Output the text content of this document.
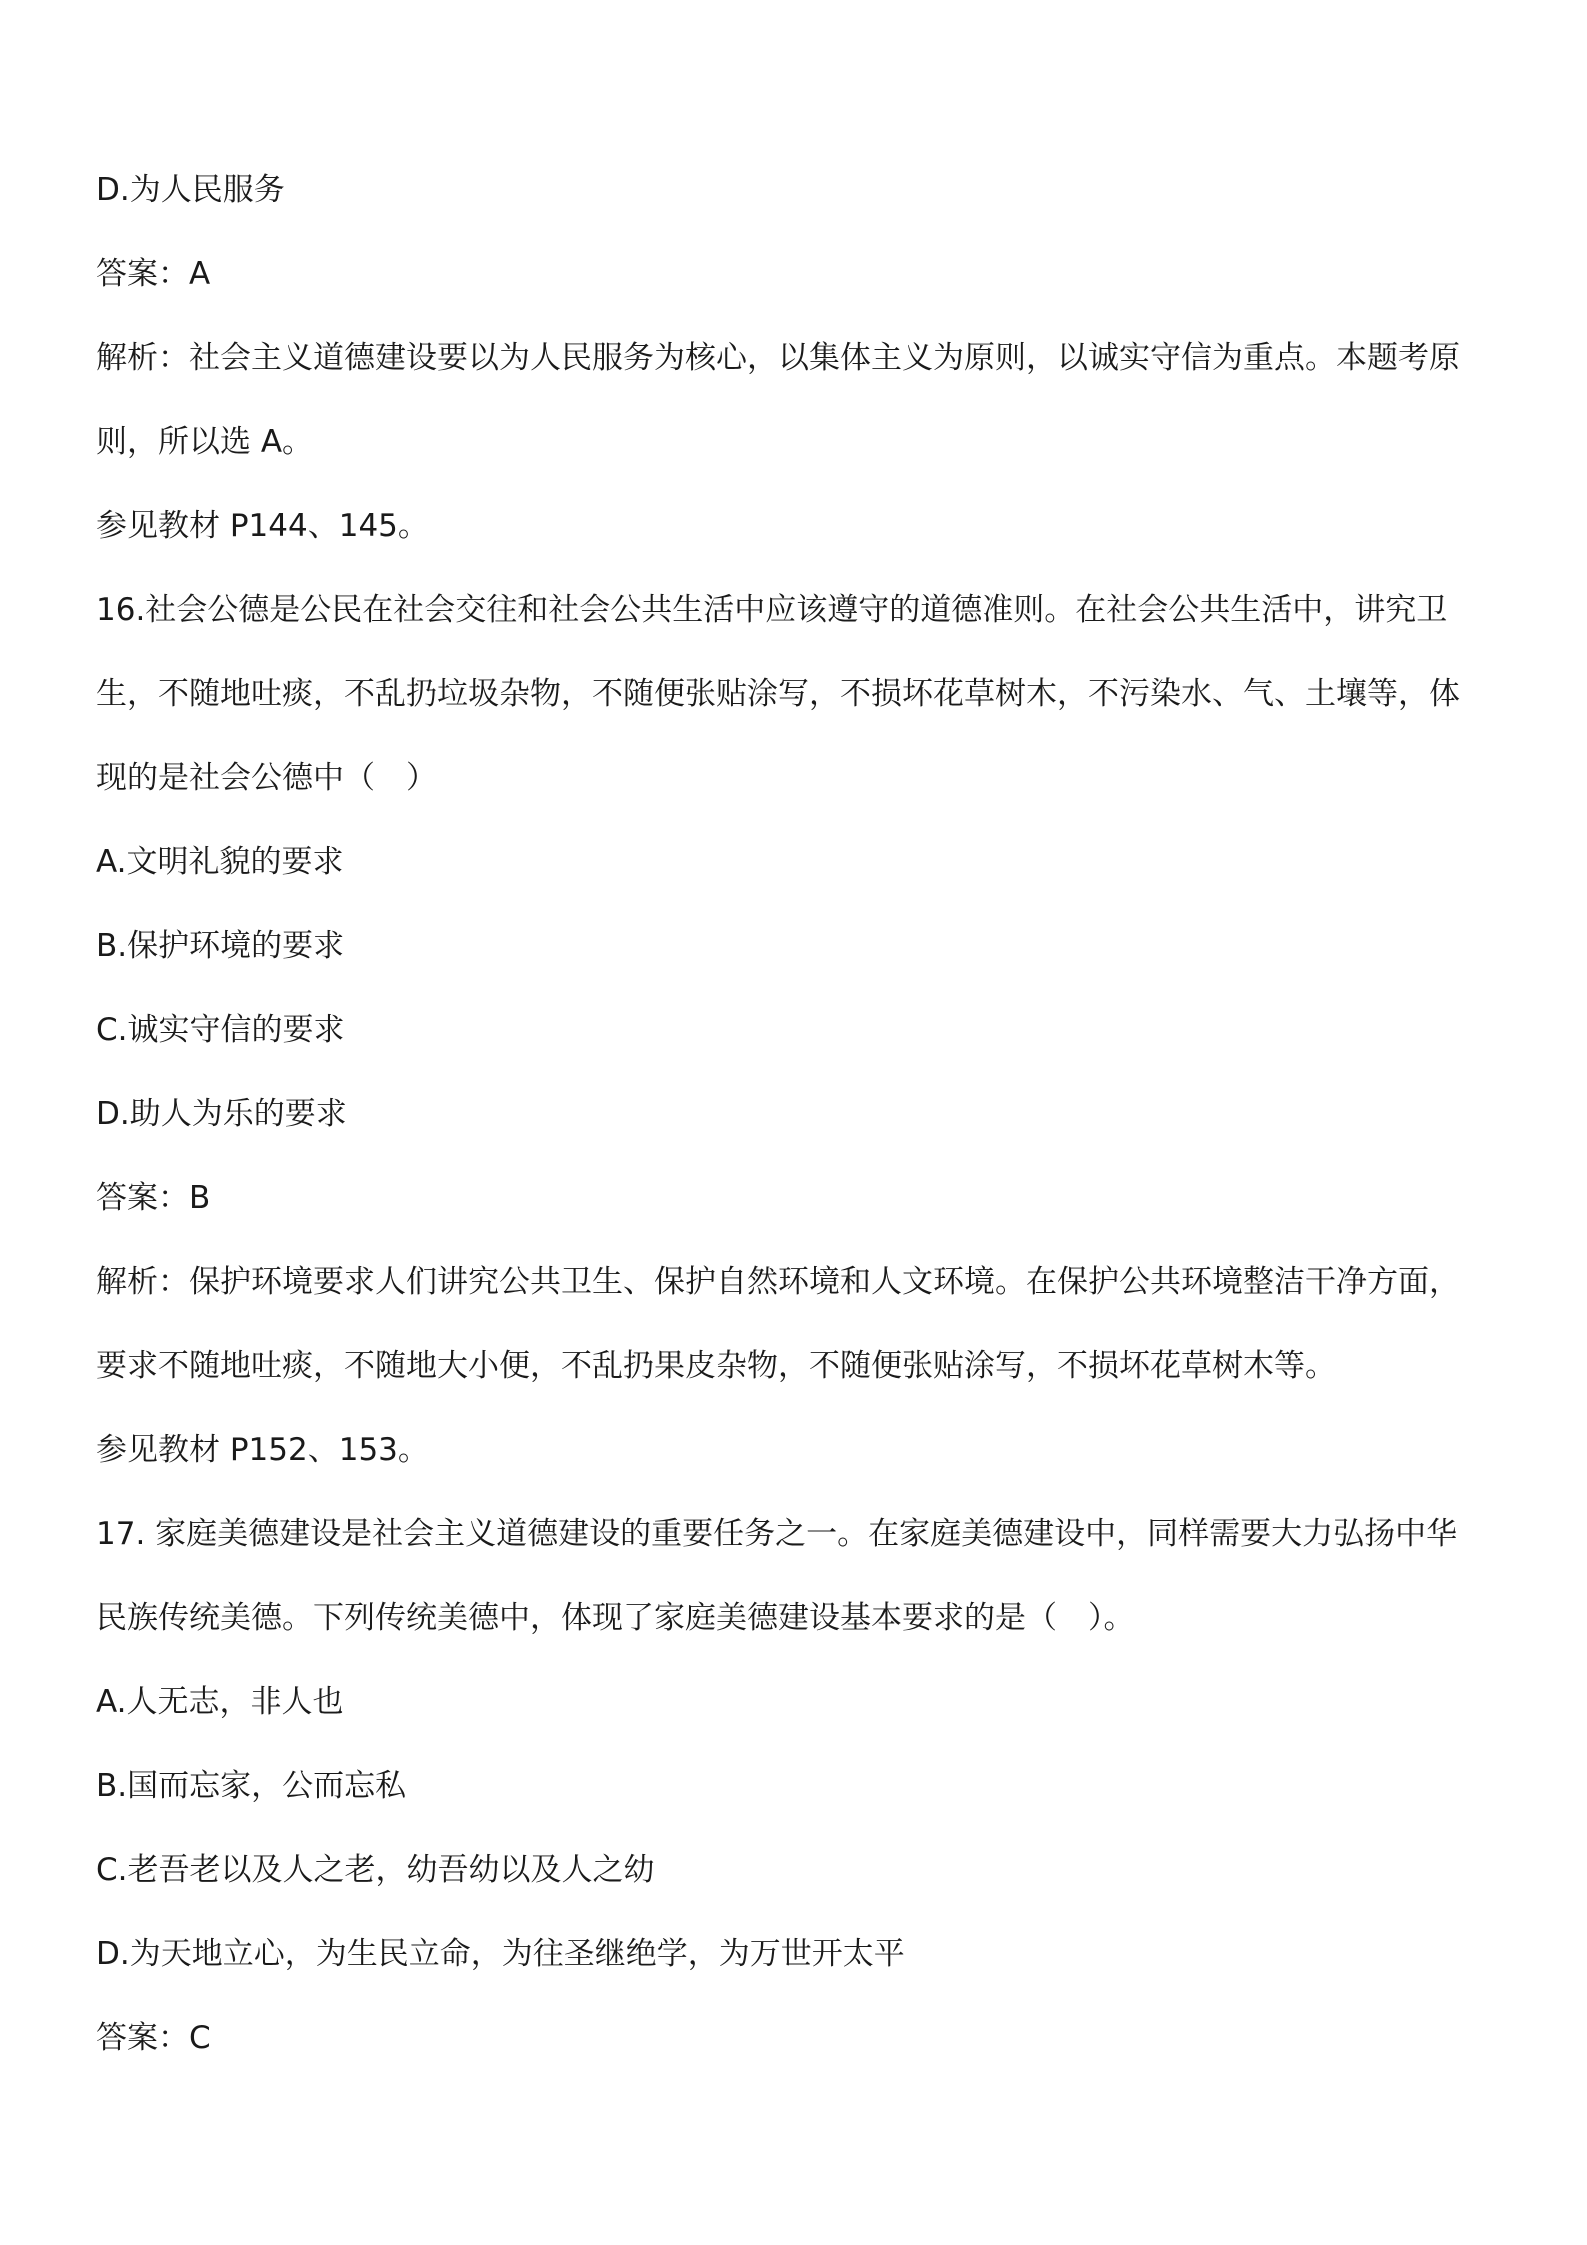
D.为人民服务
答案：A
解析：社会主义道德建设要以为人民服务为核心，以集体主义为原则，以诚实守信为重点。本题考原
则，所以选 A。
参见教材 P144、145。
16.社会公德是公民在社会交往和社会公共生活中应该遵守的道德准则。在社会公共生活中，讲究卫
生，不随地吐痰，不乱扔垃圾杂物，不随便张贴涂写，不损坏花草树木，不污染水、气、土壤等，体
现的是社会公德中（　）
A.文明礼貌的要求
B.保护环境的要求
C.诚实守信的要求
D.助人为乐的要求
答案：B
解析：保护环境要求人们讲究公共卫生、保护自然环境和人文环境。在保护公共环境整洁干净方面，
要求不随地吐痰，不随地大小便，不乱扔果皮杂物，不随便张贴涂写，不损坏花草树木等。
参见教材 P152、153。
17. 家庭美德建设是社会主义道德建设的重要任务之一。在家庭美德建设中，同样需要大力弘扬中华
民族传统美德。下列传统美德中，体现了家庭美德建设基本要求的是（　）。
A.人无志，非人也
B.国而忘家，公而忘私
C.老吾老以及人之老，幼吾幼以及人之幼
D.为天地立心，为生民立命，为往圣继绝学，为万世开太平
答案：C
